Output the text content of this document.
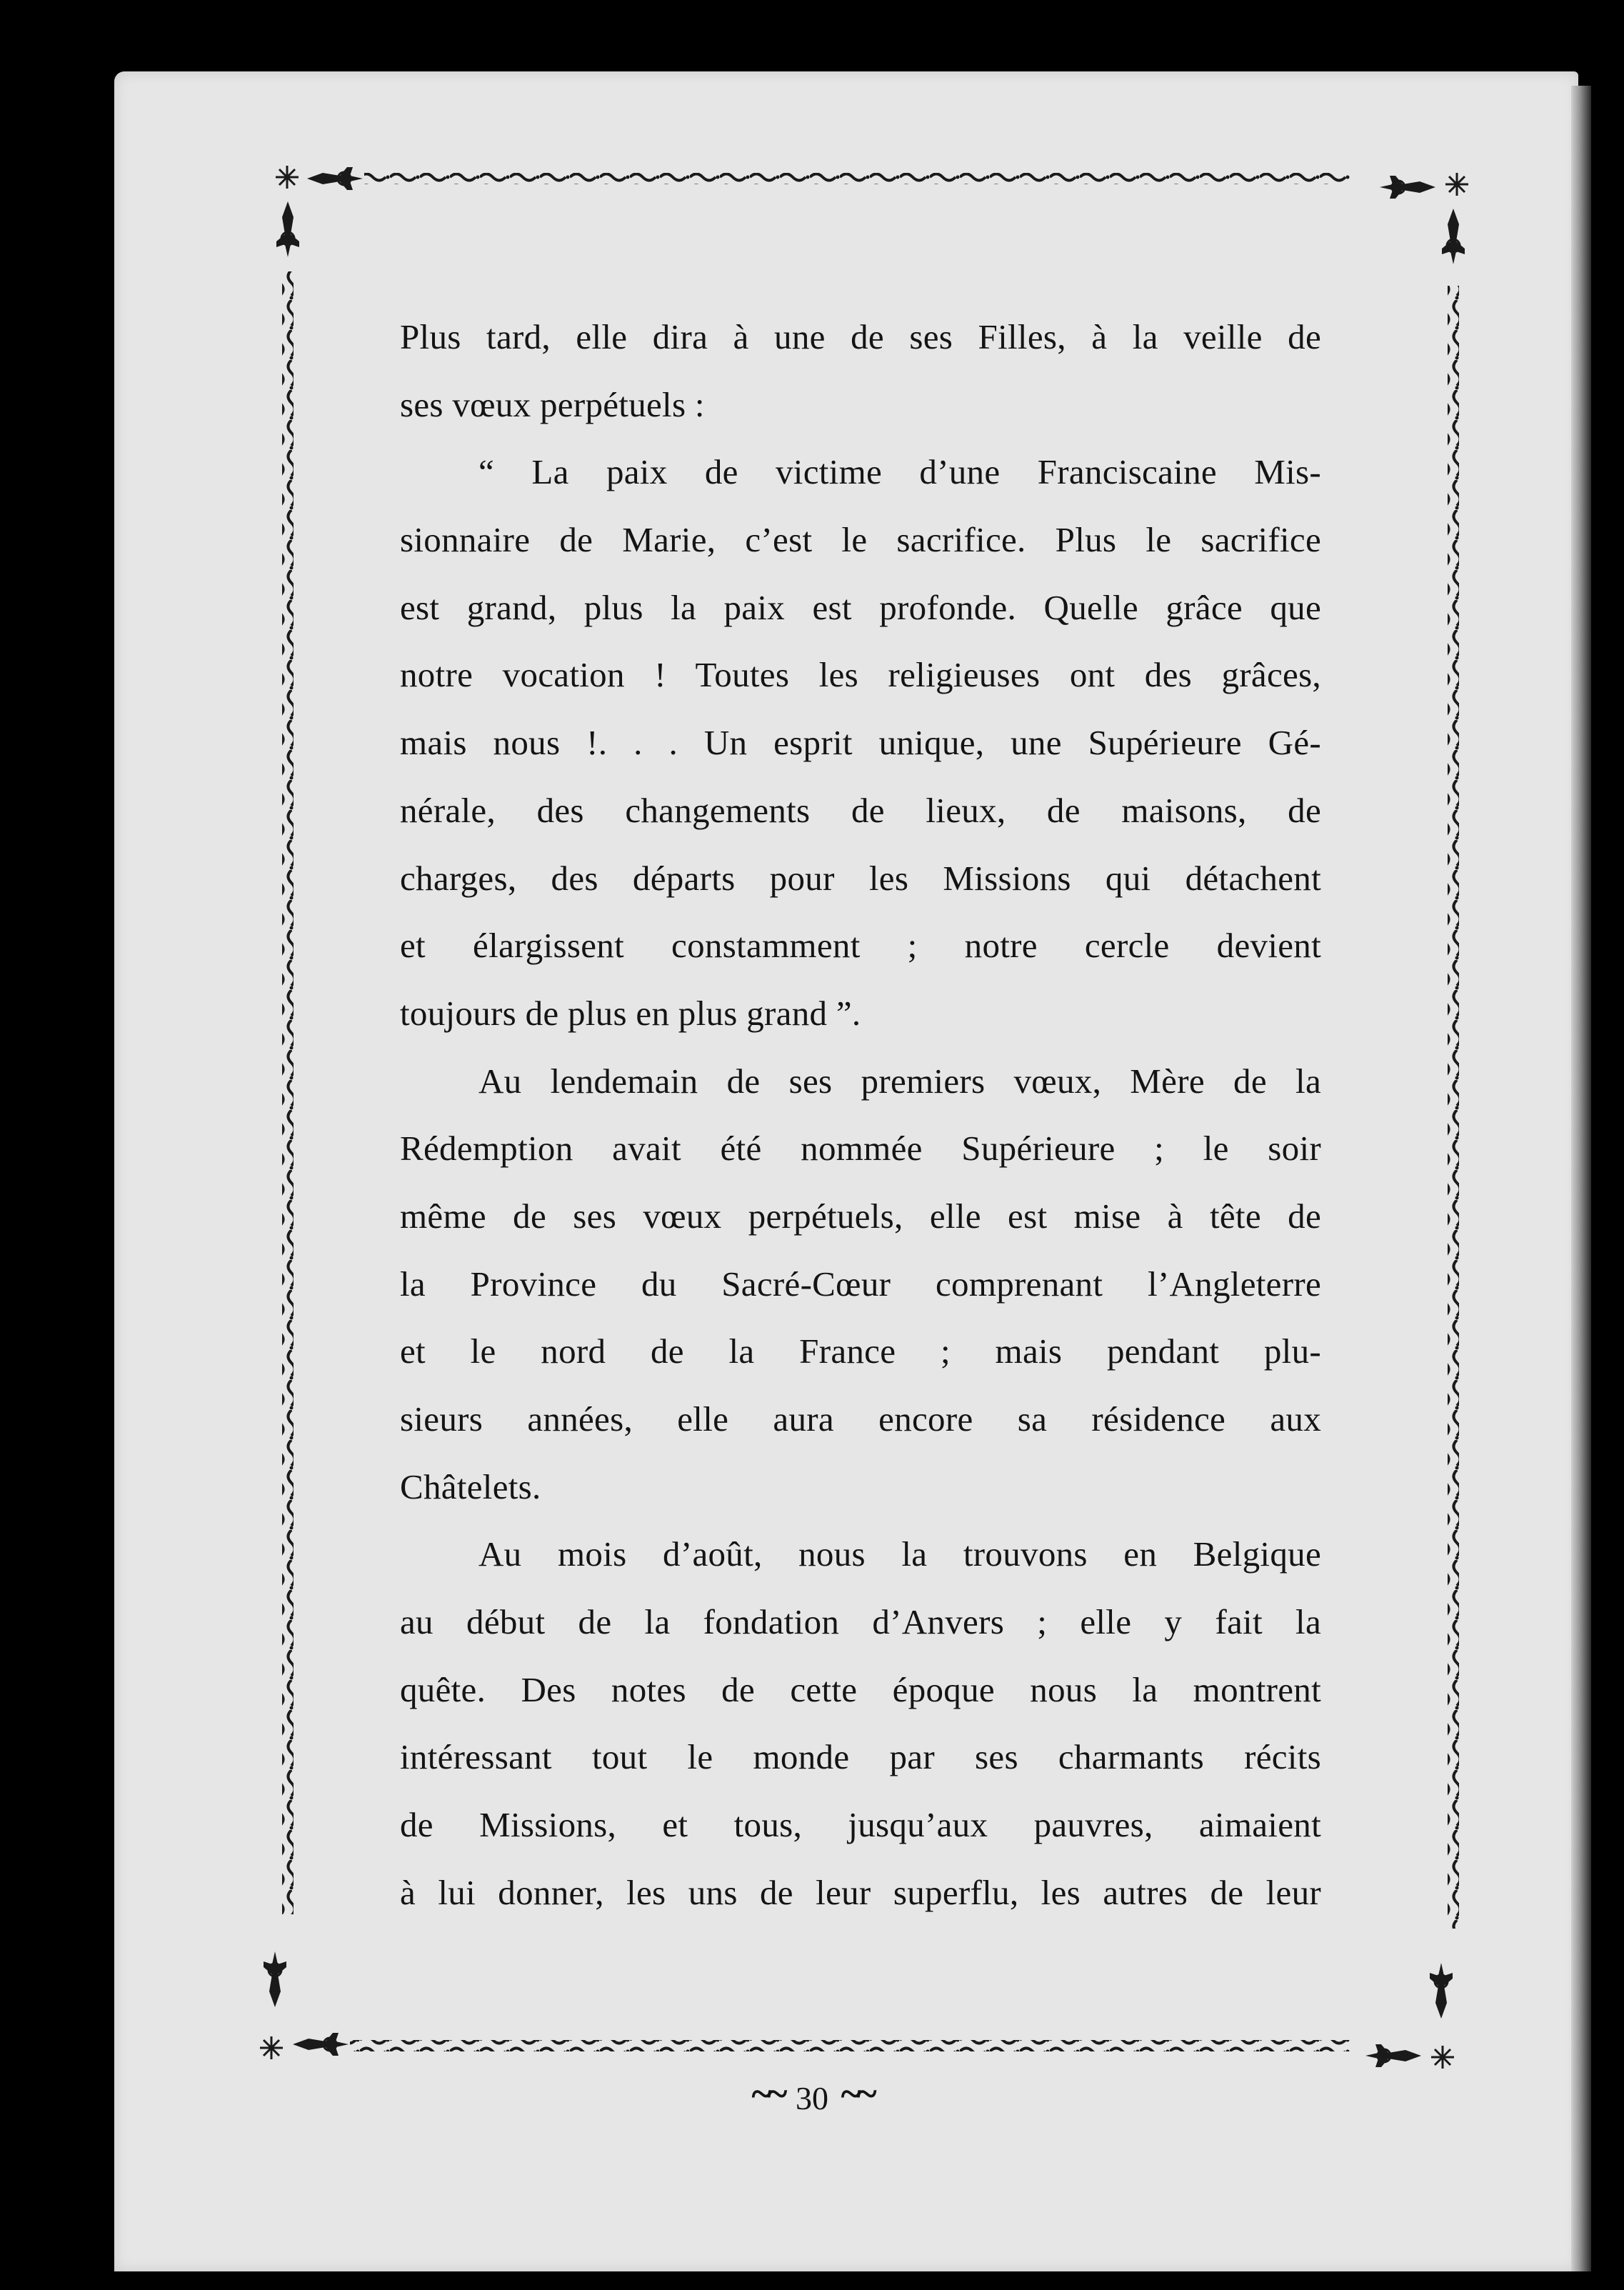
Plus tard, elle dira à une de ses Filles, à la veille de
ses vœux perpétuels :
“ La paix de victime d’une Franciscaine Mis-
sionnaire de Marie, c’est le sacrifice. Plus le sacrifice
est grand, plus la paix est profonde. Quelle grâce que
notre vocation ! Toutes les religieuses ont des grâces,
mais nous !. . . Un esprit unique, une Supérieure Gé-
nérale, des changements de lieux, de maisons, de
charges, des départs pour les Missions qui détachent
et élargissent constamment ; notre cercle devient
toujours de plus en plus grand ”.
Au lendemain de ses premiers vœux, Mère de la
Rédemption avait été nommée Supérieure ; le soir
même de ses vœux perpétuels, elle est mise à tête de
la Province du Sacré-Cœur comprenant l’Angleterre
et le nord de la France ; mais pendant plu-
sieurs années, elle aura encore sa résidence aux
Châtelets.
Au mois d’août, nous la trouvons en Belgique
au début de la fondation d’Anvers ; elle y fait la
quête. Des notes de cette époque nous la montrent
intéressant tout le monde par ses charmants récits
de Missions, et tous, jusqu’aux pauvres, aimaient
à lui donner, les uns de leur superflu, les autres de leur
~~ 30 ~~
